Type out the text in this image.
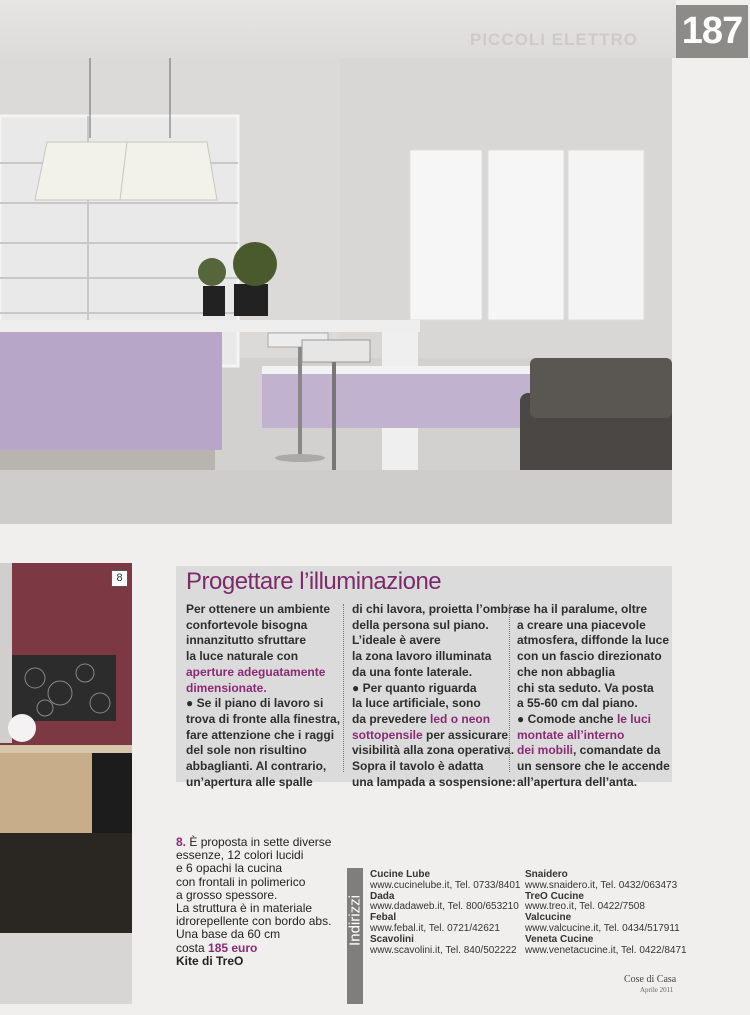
PICCOLI ELETTRO 187
8	Progettare l’illuminazione
Per ottenere un ambiente
confortevole bisogna
innanzitutto sfruttare
la luce naturale con
aperture adeguatamente
dimensionate.
● Se il piano di lavoro si
trova di fronte alla finestra,
fare attenzione che i raggi
del sole non risultino
abbaglianti. Al contrario,
un’apertura alle spalle
di chi lavora, proietta l’ombra
della persona sul piano.
L’ideale è avere
la zona lavoro illuminata
da una fonte laterale.
● Per quanto riguarda
la luce artificiale, sono
da prevedere led o neon
sottopensile per assicurare
visibilità alla zona operativa.
Sopra il tavolo è adatta
una lampada a sospensione:
se ha il paralume, oltre
a creare una piacevole
atmosfera, diffonde la luce
con un fascio direzionato
che non abbaglia
chi sta seduto. Va posta
a 55-60 cm dal piano.
● Comode anche le luci
montate all’interno
dei mobili, comandate da
un sensore che le accende
all’apertura dell’anta.
8. È proposta in sette diverse
essenze, 12 colori lucidi
e 6 opachi la cucina
con frontali in polimerico
a grosso spessore.
La struttura è in materiale
idrorepellente con bordo abs.
Una base da 60 cm
costa 185 euro
Kite di TreO
Indirizzi
Cucine Lube
www.cucinelube.it, Tel. 0733/8401
Dada
www.dadaweb.it, Tel. 800/653210
Febal
www.febal.it, Tel. 0721/42621
Scavolini
www.scavolini.it, Tel. 840/502222
Snaidero
www.snaidero.it, Tel. 0432/063473
TreO Cucine
www.treo.it, Tel. 0422/7508
Valcucine
www.valcucine.it, Tel. 0434/517911
Veneta Cucine
www.venetacucine.it, Tel. 0422/8471
Cose di Casa
Aprile 2011
